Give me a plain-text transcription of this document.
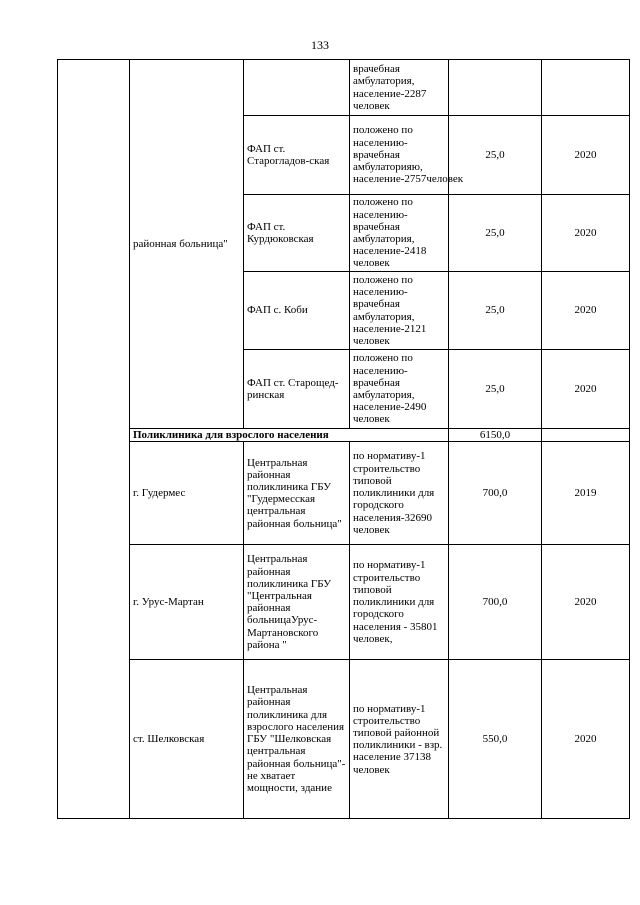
133
	районная больница"		врачебная амбулатория, население-2287 человек		
		ФАП ст. Старогладов-ская	положено по населению-врачебная амбулаторияю, население-2757человек	25,0	2020
		ФАП ст. Курдюковская	положено по населению-врачебная амбулатория, население-2418 человек	25,0	2020
		ФАП с. Коби	положено по населению-врачебная амбулатория, население-2121 человек	25,0	2020
		ФАП ст. Старощед-ринская	положено по населению-врачебная амбулатория, население-2490 человек	25,0	2020
	Поликлиника для взрослого населения			6150,0	
	г. Гудермес	Центральная районная поликлиника ГБУ "Гудермесская центральная районная больница"	по нормативу-1 строительство типовой поликлиники для городского населения-32690 человек	700,0	2019
	г. Урус-Мартан	Центральная районная поликлиника ГБУ "Центральная районная больницаУрус-Мартановского района "	по нормативу-1 строительство типовой поликлиники для городского населения - 35801 человек,	700,0	2020
	ст. Шелковская	Центральная районная поликлиника для взрослого населения ГБУ "Шелковская центральная районная больница"-не хватает мощности, здание	по нормативу-1 строительство типовой районной поликлиники - взр. население 37138 человек	550,0	2020
